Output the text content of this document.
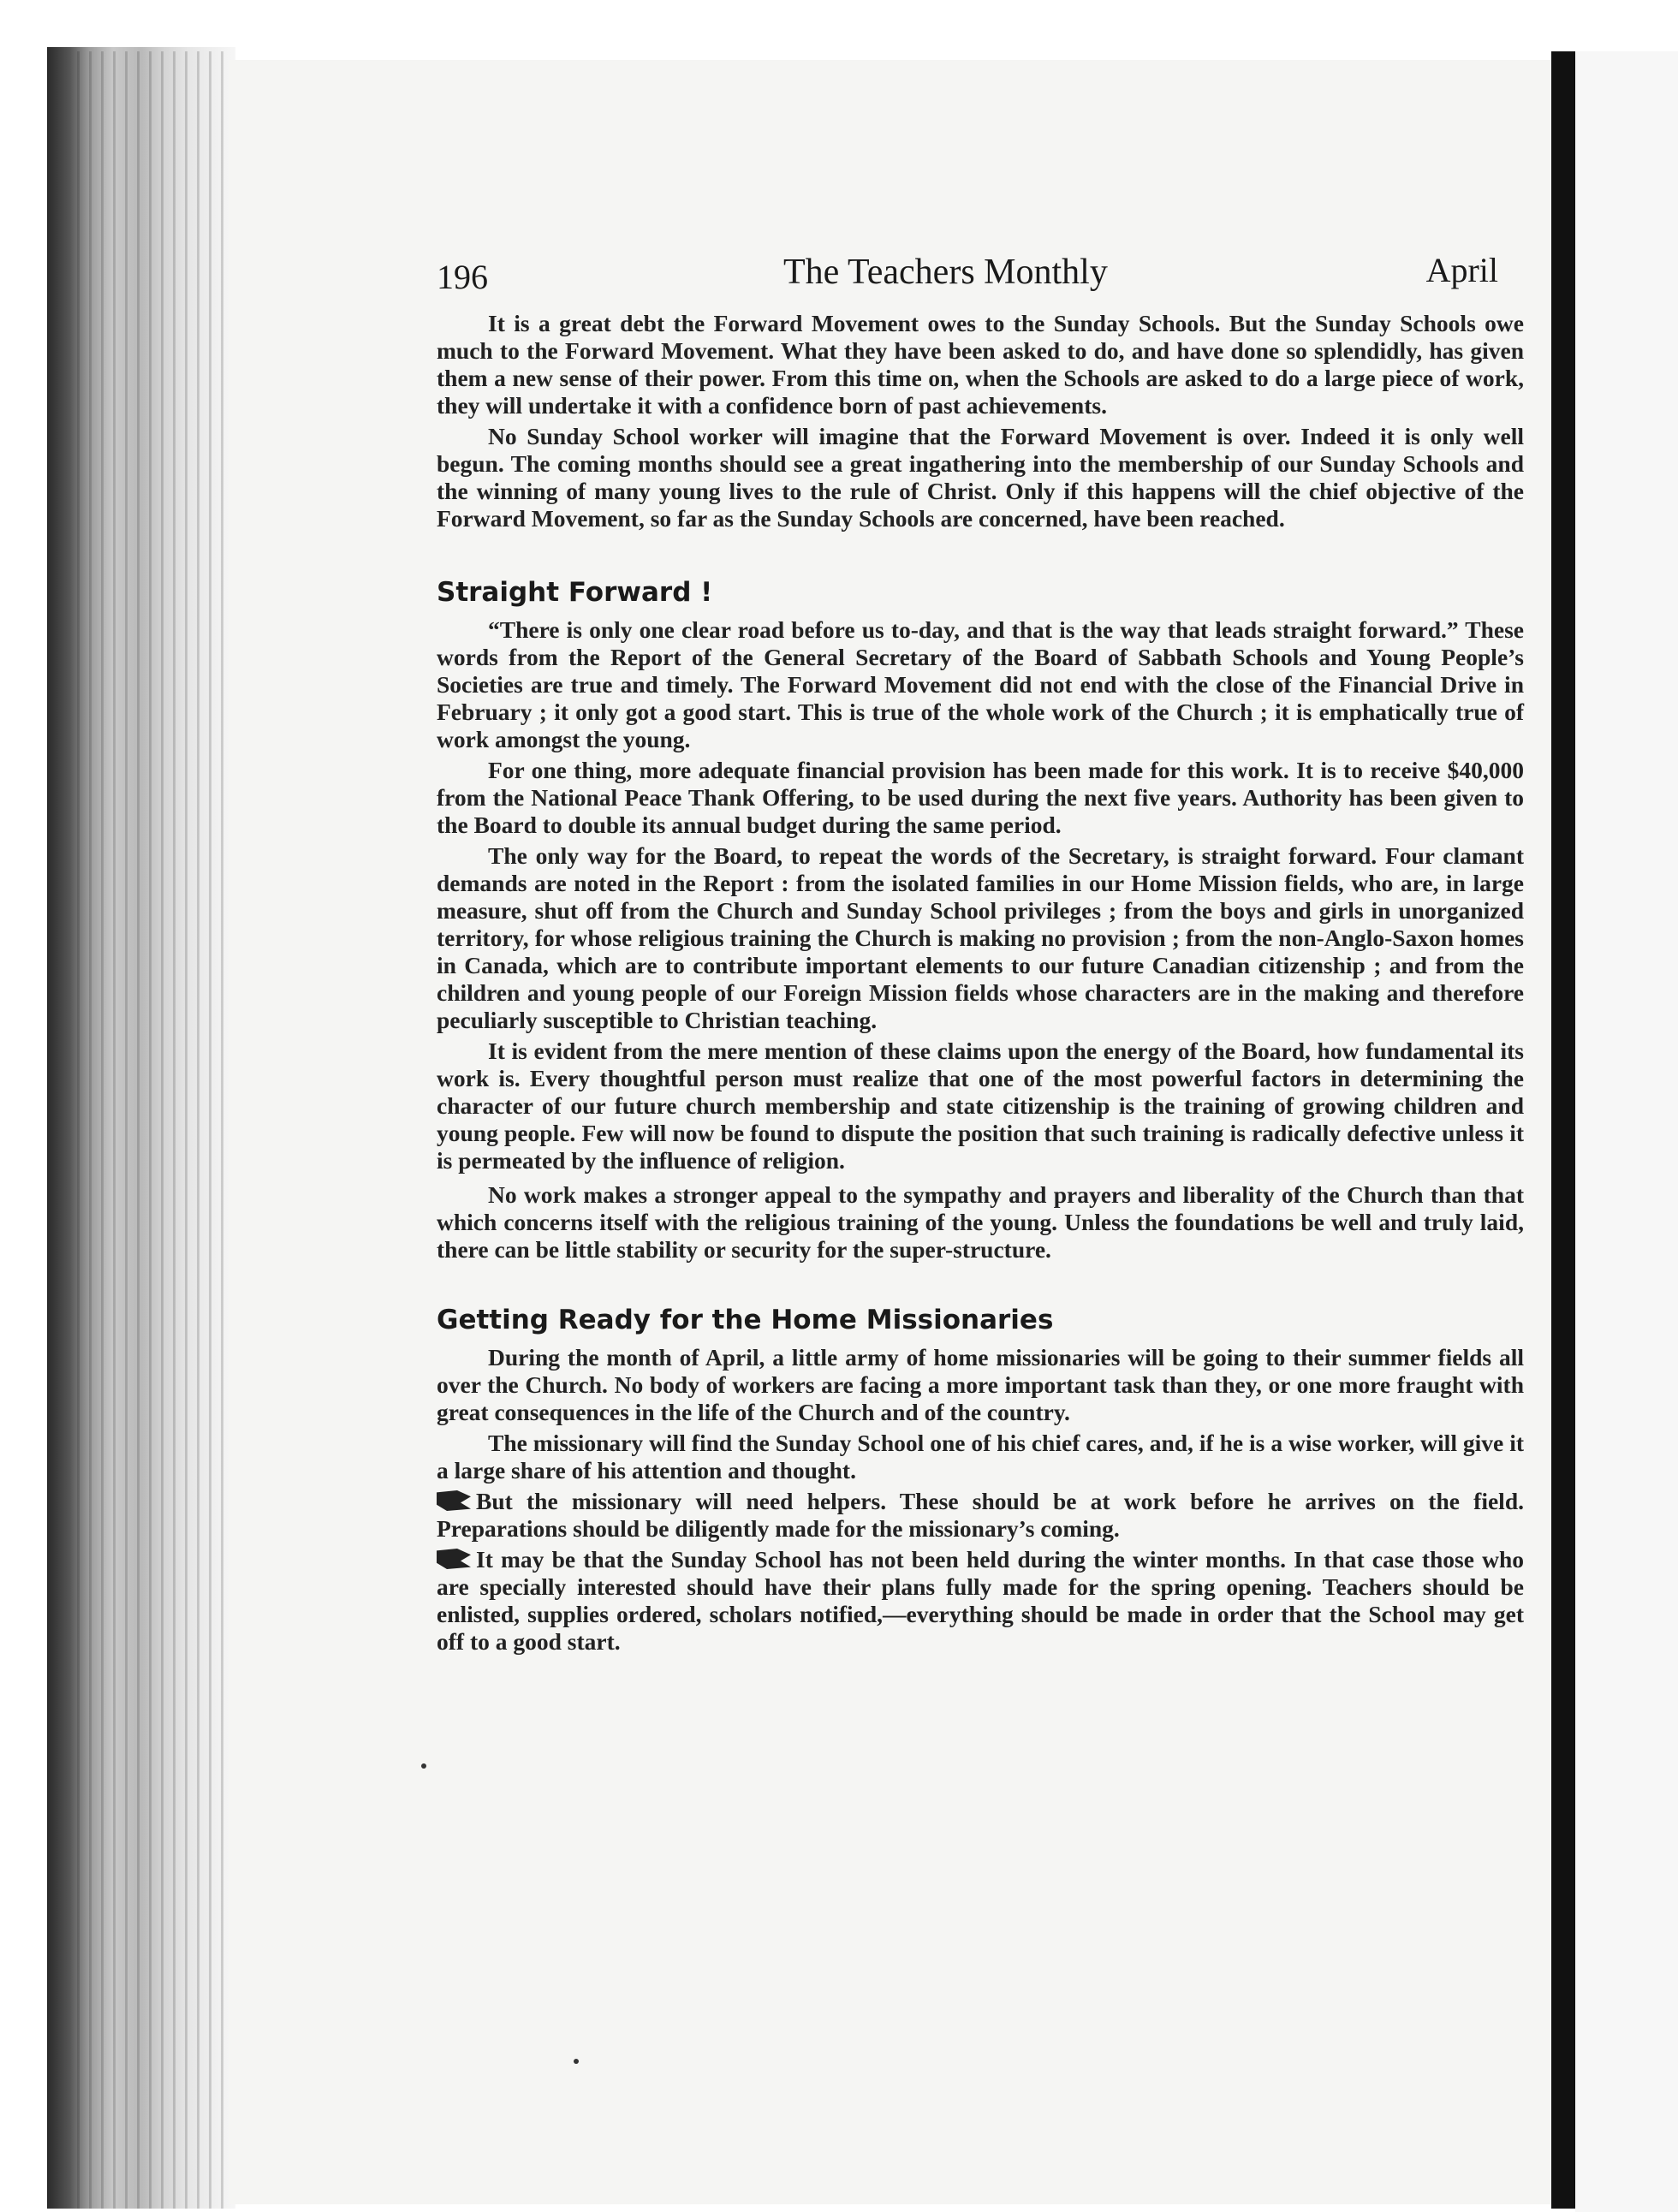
196	The Teachers Monthly	April

It is a great debt the Forward Movement owes to the Sunday Schools. But the Sunday Schools owe much to the Forward Movement. What they have been asked to do, and have done so splendidly, has given them a new sense of their power. From this time on, when the Schools are asked to do a large piece of work, they will undertake it with a confidence born of past achievements.

No Sunday School worker will imagine that the Forward Movement is over. Indeed it is only well begun. The coming months should see a great ingathering into the membership of our Sunday Schools and the winning of many young lives to the rule of Christ. Only if this happens will the chief objective of the Forward Movement, so far as the Sunday Schools are concerned, have been reached.

Straight Forward !

“There is only one clear road before us to-day, and that is the way that leads straight forward.” These words from the Report of the General Secretary of the Board of Sabbath Schools and Young People’s Societies are true and timely. The Forward Movement did not end with the close of the Financial Drive in February ; it only got a good start. This is true of the whole work of the Church ; it is emphatically true of work amongst the young.

For one thing, more adequate financial provision has been made for this work. It is to receive $40,000 from the National Peace Thank Offering, to be used during the next five years. Authority has been given to the Board to double its annual budget during the same period.

The only way for the Board, to repeat the words of the Secretary, is straight forward. Four clamant demands are noted in the Report : from the isolated families in our Home Mission fields, who are, in large measure, shut off from the Church and Sunday School privileges ; from the boys and girls in unorganized territory, for whose religious training the Church is making no provision ; from the non-Anglo-Saxon homes in Canada, which are to contribute important elements to our future Canadian citizenship ; and from the children and young people of our Foreign Mission fields whose characters are in the making and therefore peculiarly susceptible to Christian teaching.

It is evident from the mere mention of these claims upon the energy of the Board, how fundamental its work is. Every thoughtful person must realize that one of the most powerful factors in determining the character of our future church membership and state citizenship is the training of growing children and young people. Few will now be found to dispute the position that such training is radically defective unless it is permeated by the influence of religion.

No work makes a stronger appeal to the sympathy and prayers and liberality of the Church than that which concerns itself with the religious training of the young. Unless the foundations be well and truly laid, there can be little stability or security for the super-structure.

Getting Ready for the Home Missionaries

During the month of April, a little army of home missionaries will be going to their summer fields all over the Church. No body of workers are facing a more important task than they, or one more fraught with great consequences in the life of the Church and of the country.

The missionary will find the Sunday School one of his chief cares, and, if he is a wise worker, will give it a large share of his attention and thought.

But the missionary will need helpers. These should be at work before he arrives on the field. Preparations should be diligently made for the missionary’s coming.

It may be that the Sunday School has not been held during the winter months. In that case those who are specially interested should have their plans fully made for the spring opening. Teachers should be enlisted, supplies ordered, scholars notified,—everything should be made in order that the School may get off to a good start.
